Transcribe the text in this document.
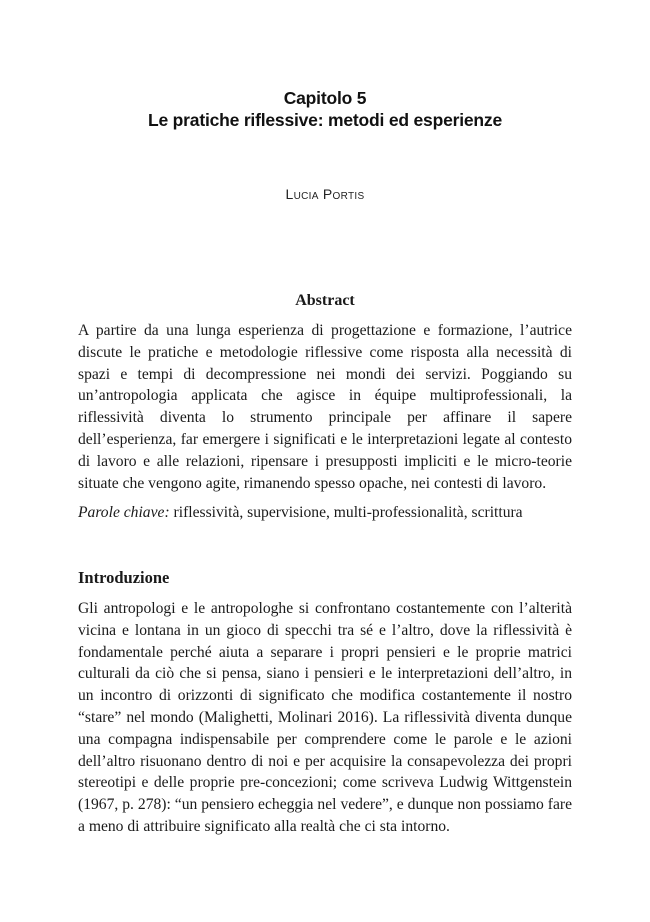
Capitolo 5
Le pratiche riflessive: metodi ed esperienze
Lucia Portis
Abstract

A partire da una lunga esperienza di progettazione e formazione, l’autrice discute le pratiche e metodologie riflessive come risposta alla necessità di spazi e tempi di decompressione nei mondi dei servizi. Poggiando su un’antropologia applicata che agisce in équipe multiprofessionali, la riflessività diventa lo strumento principale per affinare il sapere dell’esperienza, far emergere i significati e le interpretazioni legate al contesto di lavoro e alle relazioni, ripensare i presupposti impliciti e le micro-teorie situate che vengono agite, rimanendo spesso opache, nei contesti di lavoro.

Parole chiave: riflessività, supervisione, multi-professionalità, scrittura

Introduzione

Gli antropologi e le antropologhe si confrontano costantemente con l’alterità vicina e lontana in un gioco di specchi tra sé e l’altro, dove la riflessività è fondamentale perché aiuta a separare i propri pensieri e le proprie matrici culturali da ciò che si pensa, siano i pensieri e le interpretazioni dell’altro, in un incontro di orizzonti di significato che modifica costantemente il nostro “stare” nel mondo (Malighetti, Molinari 2016). La riflessività diventa dunque una compagna indispensabile per comprendere come le parole e le azioni dell’altro risuonano dentro di noi e per acquisire la consapevolezza dei propri stereotipi e delle proprie pre-concezioni; come scriveva Ludwig Wittgenstein (1967, p. 278): “un pensiero echeggia nel vedere”, e dunque non possiamo fare a meno di attribuire significato alla realtà che ci sta intorno.
